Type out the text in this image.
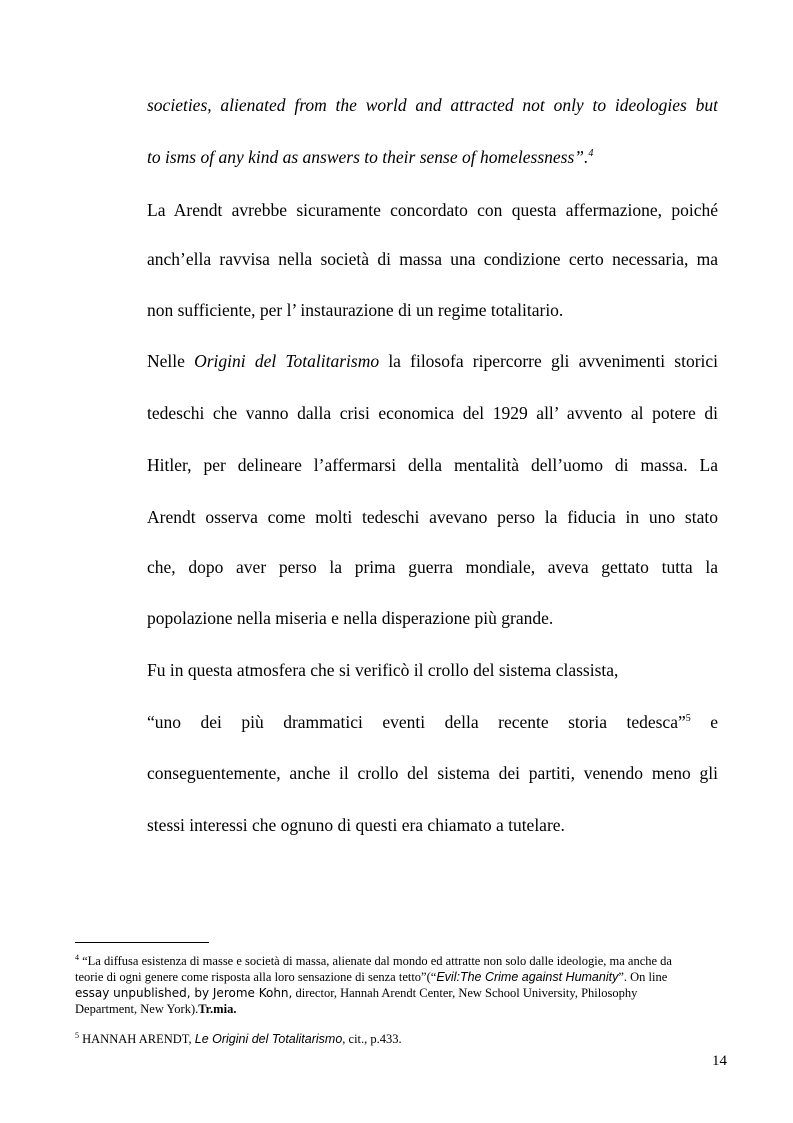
societies, alienated from the world and attracted not only to ideologies but
to isms of any kind as answers to their sense of homelessness”.$^4$
La Arendt avrebbe sicuramente concordato con questa affermazione, poiché
anch’ella ravvisa nella società di massa una condizione certo necessaria, ma
non sufficiente, per l’ instaurazione di un regime totalitario.
Nelle Origini del Totalitarismo la filosofa ripercorre gli avvenimenti storici
tedeschi che vanno dalla crisi economica del 1929 all’ avvento al potere di
Hitler, per delineare l’affermarsi della mentalità dell’uomo di massa. La
Arendt osserva come molti tedeschi avevano perso la fiducia in uno stato
che, dopo aver perso la prima guerra mondiale, aveva gettato tutta la
popolazione nella miseria e nella disperazione più grande.
Fu in questa atmosfera che si verificò il crollo del sistema classista,
“uno dei più drammatici eventi della recente storia tedesca”$^5$ e
conseguentemente, anche il crollo del sistema dei partiti, venendo meno gli
stessi interessi che ognuno di questi era chiamato a tutelare.
$^4$ “La diffusa esistenza di masse e società di massa, alienate dal mondo ed attratte non solo dalle ideologie, ma anche da
teorie di ogni genere come risposta alla loro sensazione di senza tetto”(“Evil:The Crime against Humanity”. On line
essay unpublished, by Jerome Kohn, director, Hannah Arendt Center, New School University, Philosophy
Department, New York).Tr.mia.
$^5$ HANNAH ARENDT, Le Origini del Totalitarismo, cit., p.433.
14
